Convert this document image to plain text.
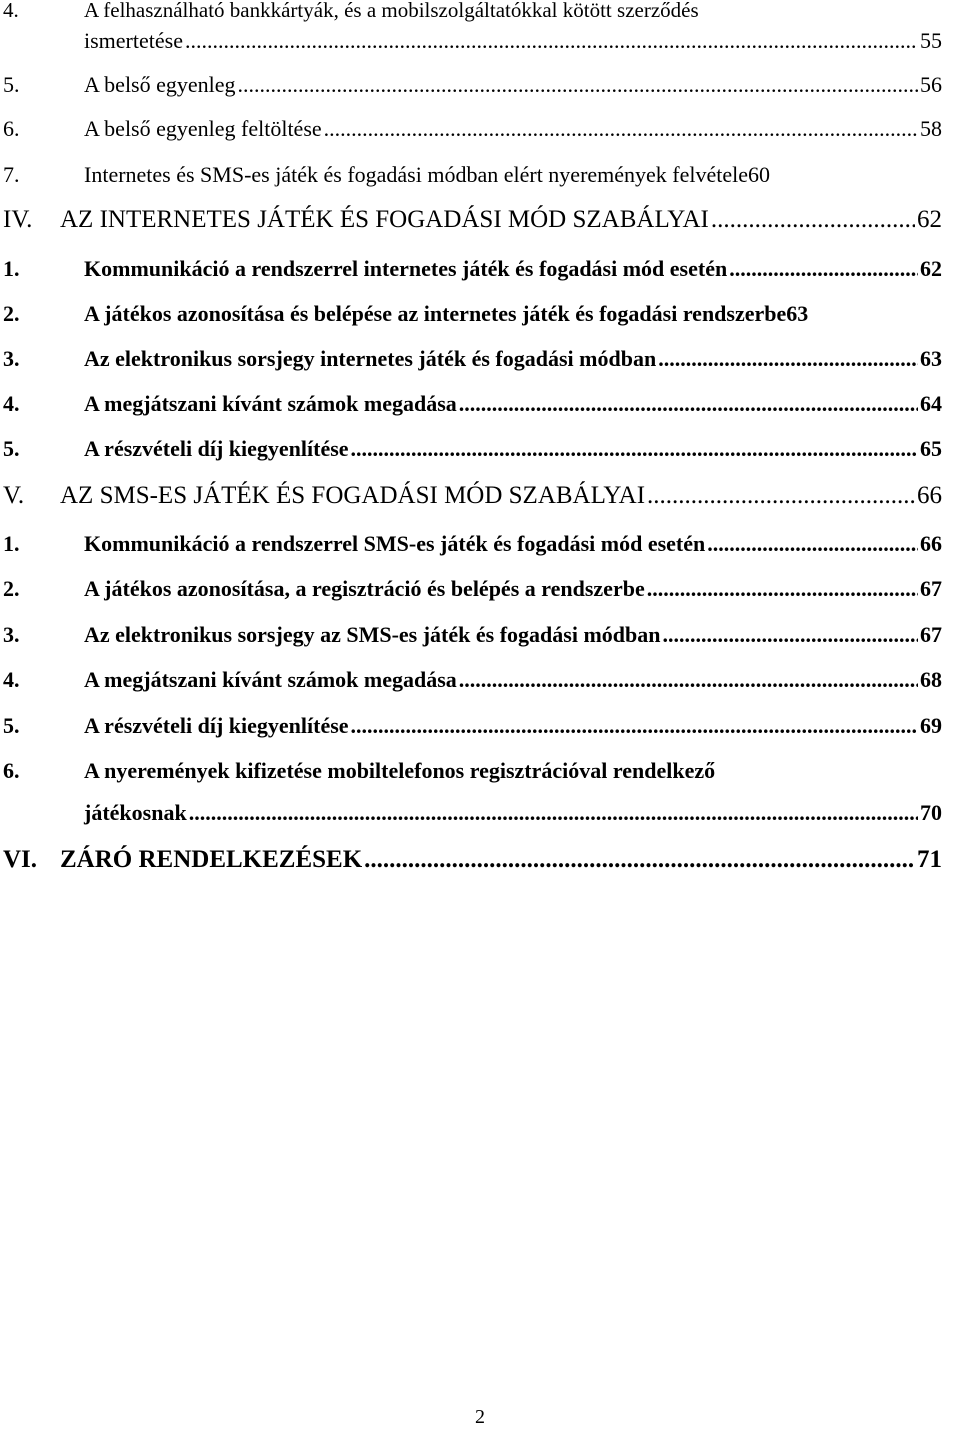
4.	A felhasználható bankkártyák, és a mobilszolgáltatókkal kötött szerződés
ismertetése .....	55
5.	A belső egyenleg .....	56
6.	A belső egyenleg feltöltése .....	58
7.	Internetes és SMS-es játék és fogadási módban elért nyeremények felvétele 60
IV. AZ INTERNETES JÁTÉK ÉS FOGADÁSI MÓD SZABÁLYAI .....	62
1.	Kommunikáció a rendszerrel internetes játék és fogadási mód esetén .....	62
2.	A játékos azonosítása és belépése az internetes játék és fogadási rendszerbe 63
3.	Az elektronikus sorsjegy internetes játék és fogadási módban .....	63
4.	A megjátszani kívánt számok megadása .....	64
5.	A részvételi díj kiegyenlítése .....	65
V. AZ SMS-ES JÁTÉK ÉS FOGADÁSI MÓD SZABÁLYAI .....	66
1.	Kommunikáció a rendszerrel SMS-es játék és fogadási mód esetén .....	66
2.	A játékos azonosítása, a regisztráció és belépés a rendszerbe .....	67
3.	Az elektronikus sorsjegy az SMS-es játék és fogadási módban .....	67
4.	A megjátszani kívánt számok megadása .....	68
5.	A részvételi díj kiegyenlítése .....	69
6.	A nyeremények kifizetése mobiltelefonos regisztrációval rendelkező
játékosnak .....	70
VI. ZÁRÓ RENDELKEZÉSEK .....	71
2
